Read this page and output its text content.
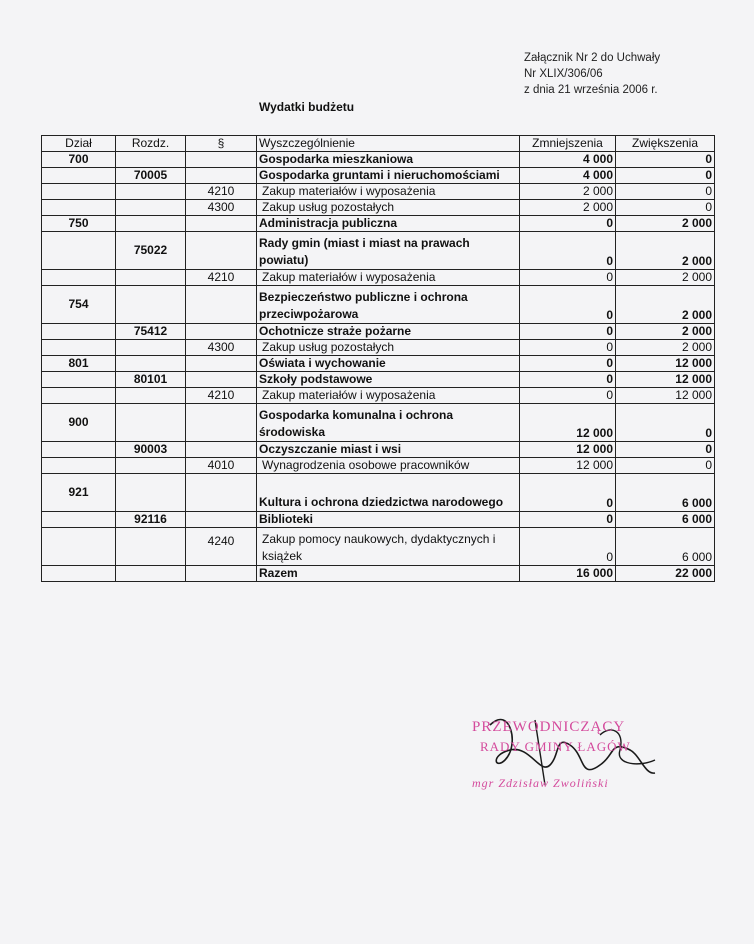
Załącznik Nr 2 do Uchwały
Nr XLIX/306/06
z dnia 21 września 2006 r.
Wydatki budżetu
Dział	Rozdz.	§	Wyszczególnienie	Zmniejszenia	Zwiększenia
700			Gospodarka mieszkaniowa	4 000	0
	70005		Gospodarka gruntami i nieruchomościami	4 000	0
		4210	Zakup materiałów i wyposażenia	2 000	0
		4300	Zakup usług pozostałych	2 000	0
750			Administracja publiczna	0	2 000
	75022		Rady gmin (miast i miast na prawach powiatu)	0	2 000
		4210	Zakup materiałów i wyposażenia	0	2 000
754			Bezpieczeństwo publiczne i ochrona przeciwpożarowa	0	2 000
	75412		Ochotnicze straże pożarne	0	2 000
		4300	Zakup usług pozostałych	0	2 000
801			Oświata i wychowanie	0	12 000
	80101		Szkoły podstawowe	0	12 000
		4210	Zakup materiałów i wyposażenia	0	12 000
900			Gospodarka komunalna i ochrona środowiska	12 000	0
	90003		Oczyszczanie miast i wsi	12 000	0
		4010	Wynagrodzenia osobowe pracowników	12 000	0
921			Kultura i ochrona dziedzictwa narodowego	0	6 000
	92116		Biblioteki	0	6 000
		4240	Zakup pomocy naukowych, dydaktycznych i książek	0	6 000
			Razem	16 000	22 000
PRZEWODNICZĄCY
RADY GMINY ŁAGÓW
mgr Zdzisław Zwoliński
